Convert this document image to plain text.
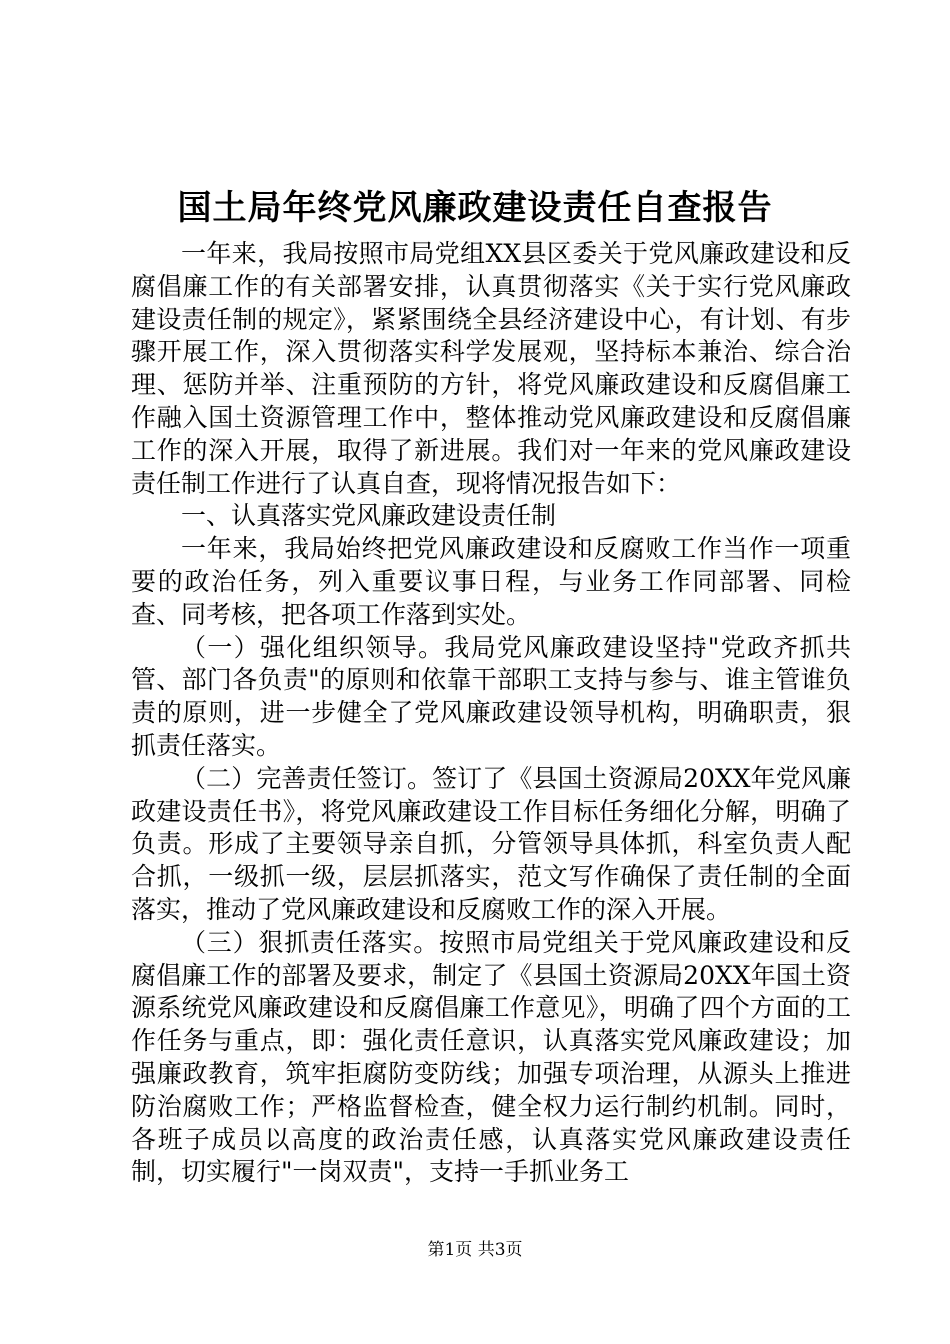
国土局年终党风廉政建设责任自查报告

一年来，我局按照市局党组XX县区委关于党风廉政建设和反腐倡廉工作的有关部署安排，认真贯彻落实《关于实行党风廉政建设责任制的规定》，紧紧围绕全县经济建设中心，有计划、有步骤开展工作，深入贯彻落实科学发展观，坚持标本兼治、综合治理、惩防并举、注重预防的方针，将党风廉政建设和反腐倡廉工作融入国土资源管理工作中，整体推动党风廉政建设和反腐倡廉工作的深入开展，取得了新进展。我们对一年来的党风廉政建设责任制工作进行了认真自查，现将情况报告如下：

一、认真落实党风廉政建设责任制

一年来，我局始终把党风廉政建设和反腐败工作当作一项重要的政治任务，列入重要议事日程，与业务工作同部署、同检查、同考核，把各项工作落到实处。

（一）强化组织领导。我局党风廉政建设坚持"党政齐抓共管、部门各负责"的原则和依靠干部职工支持与参与、谁主管谁负责的原则，进一步健全了党风廉政建设领导机构，明确职责，狠抓责任落实。

（二）完善责任签订。签订了《县国土资源局20XX年党风廉政建设责任书》，将党风廉政建设工作目标任务细化分解，明确了负责。形成了主要领导亲自抓，分管领导具体抓，科室负责人配合抓，一级抓一级，层层抓落实，范文写作确保了责任制的全面落实，推动了党风廉政建设和反腐败工作的深入开展。

（三）狠抓责任落实。按照市局党组关于党风廉政建设和反腐倡廉工作的部署及要求，制定了《县国土资源局20XX年国土资源系统党风廉政建设和反腐倡廉工作意见》，明确了四个方面的工作任务与重点，即：强化责任意识，认真落实党风廉政建设；加强廉政教育，筑牢拒腐防变防线；加强专项治理，从源头上推进防治腐败工作；严格监督检查，健全权力运行制约机制。同时，各班子成员以高度的政治责任感，认真落实党风廉政建设责任制，切实履行"一岗双责"，支持一手抓业务工

第1页 共3页
